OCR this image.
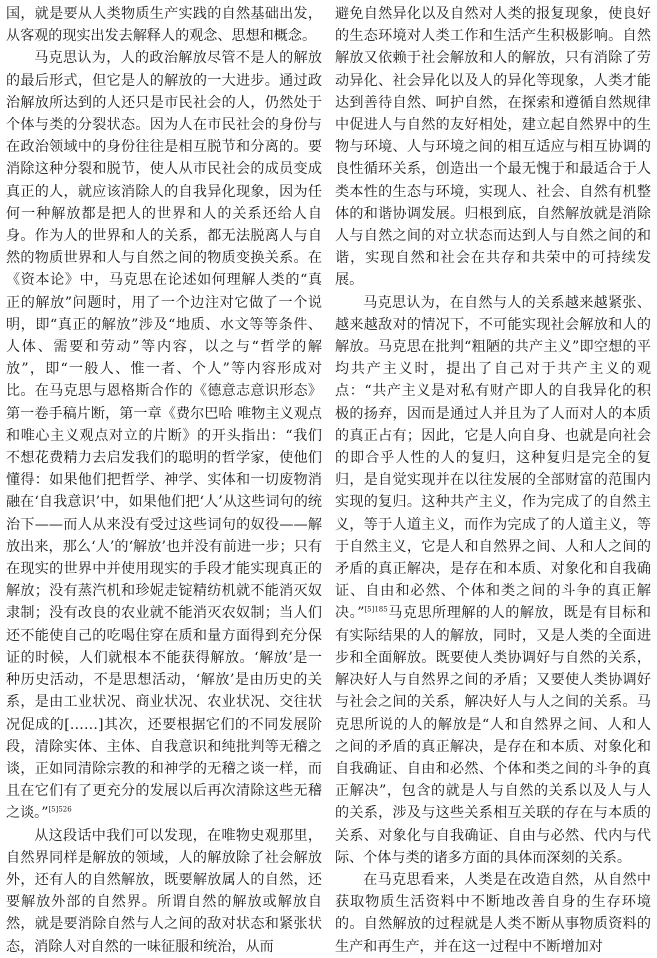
国，就是要从人类物质生产实践的自然基础出发，从客观的现实出发去解释人的观念、思想和概念。

马克思认为，人的政治解放尽管不是人的解放的最后形式，但它是人的解放的一大进步。通过政治解放所达到的人还只是市民社会的人，仍然处于个体与类的分裂状态。因为人在市民社会的身份与在政治领域中的身份往往是相互脱节和分离的。要消除这种分裂和脱节，使人从市民社会的成员变成真正的人，就应该消除人的自我异化现象，因为任何一种解放都是把人的世界和人的关系还给人自身。作为人的世界和人的关系，都无法脱离人与自然的物质世界和人与自然之间的物质变换关系。在《资本论》中，马克思在论述如何理解人类的“真正的解放”问题时，用了一个边注对它做了一个说明，即“真正的解放”涉及“地质、水文等等条件、人体、需要和劳动”等内容，以之与“哲学的解放”，即“一般人、惟一者、个人”等内容形成对比。在马克思与恩格斯合作的《德意志意识形态》第一卷手稿片断，第一章《费尔巴哈 唯物主义观点和唯心主义观点对立的片断》的开头指出：“我们不想花费精力去启发我们的聪明的哲学家，使他们懂得：如果他们把哲学、神学、实体和一切废物消融在‘自我意识’中，如果他们把‘人’从这些词句的统治下——而人从来没有受过这些词句的奴役——解放出来，那么‘人’的‘解放’也并没有前进一步；只有在现实的世界中并使用现实的手段才能实现真正的解放；没有蒸汽机和珍妮走锭精纺机就不能消灭奴隶制；没有改良的农业就不能消灭农奴制；当人们还不能使自己的吃喝住穿在质和量方面得到充分保证的时候，人们就根本不能获得解放。‘解放’是一种历史活动，不是思想活动，‘解放’是由历史的关系，是由工业状况、商业状况、农业状况、交往状况促成的[……]其次，还要根据它们的不同发展阶段，清除实体、主体、自我意识和纯批判等无稽之谈，正如同清除宗教的和神学的无稽之谈一样，而且在它们有了更充分的发展以后再次清除这些无稽之谈。”$^{[5]526}$

从这段话中我们可以发现，在唯物史观那里，自然界同样是解放的领域，人的解放除了社会解放外，还有人的自然解放，既要解放属人的自然，还要解放外部的自然界。所谓自然的解放或解放自然，就是要消除自然与人之间的敌对状态和紧张状态，消除人对自然的一味征服和统治，从而

避免自然异化以及自然对人类的报复现象，使良好的生态环境对人类工作和生活产生积极影响。自然解放又依赖于社会解放和人的解放，只有消除了劳动异化、社会异化以及人的异化等现象，人类才能达到善待自然、呵护自然，在探索和遵循自然规律中促进人与自然的友好相处，建立起自然界中的生物与环境、人与环境之间的相互适应与相互协调的良性循环关系，创造出一个最无愧于和最适合于人类本性的生态与环境，实现人、社会、自然有机整体的和谐协调发展。归根到底，自然解放就是消除人与自然之间的对立状态而达到人与自然之间的和谐，实现自然和社会在共存和共荣中的可持续发展。

马克思认为，在自然与人的关系越来越紧张、越来越敌对的情况下，不可能实现社会解放和人的解放。马克思在批判“粗陋的共产主义”即空想的平均共产主义时，提出了自己对于共产主义的观点：“共产主义是对私有财产即人的自我异化的积极的扬弃，因而是通过人并且为了人而对人的本质的真正占有；因此，它是人向自身、也就是向社会的即合乎人性的人的复归，这种复归是完全的复归，是自觉实现并在以往发展的全部财富的范围内实现的复归。这种共产主义，作为完成了的自然主义，等于人道主义，而作为完成了的人道主义，等于自然主义，它是人和自然界之间、人和人之间的矛盾的真正解决，是存在和本质、对象化和自我确证、自由和必然、个体和类之间的斗争的真正解决。”$^{[5]185}$马克思所理解的人的解放，既是有目标和有实际结果的人的解放，同时，又是人类的全面进步和全面解放。既要使人类协调好与自然的关系，解决好人与自然界之间的矛盾；又要使人类协调好与社会之间的关系，解决好人与人之间的关系。马克思所说的人的解放是“人和自然界之间、人和人之间的矛盾的真正解决，是存在和本质、对象化和自我确证、自由和必然、个体和类之间的斗争的真正解决”，包含的就是人与自然的关系以及人与人的关系，涉及与这些关系相互关联的存在与本质的关系、对象化与自我确证、自由与必然、代内与代际、个体与类的诸多方面的具体而深刻的关系。

在马克思看来，人类是在改造自然，从自然中获取物质生活资料中不断地改善自身的生存环境的。自然解放的过程就是人类不断从事物质资料的生产和再生产，并在这一过程中不断增加对
